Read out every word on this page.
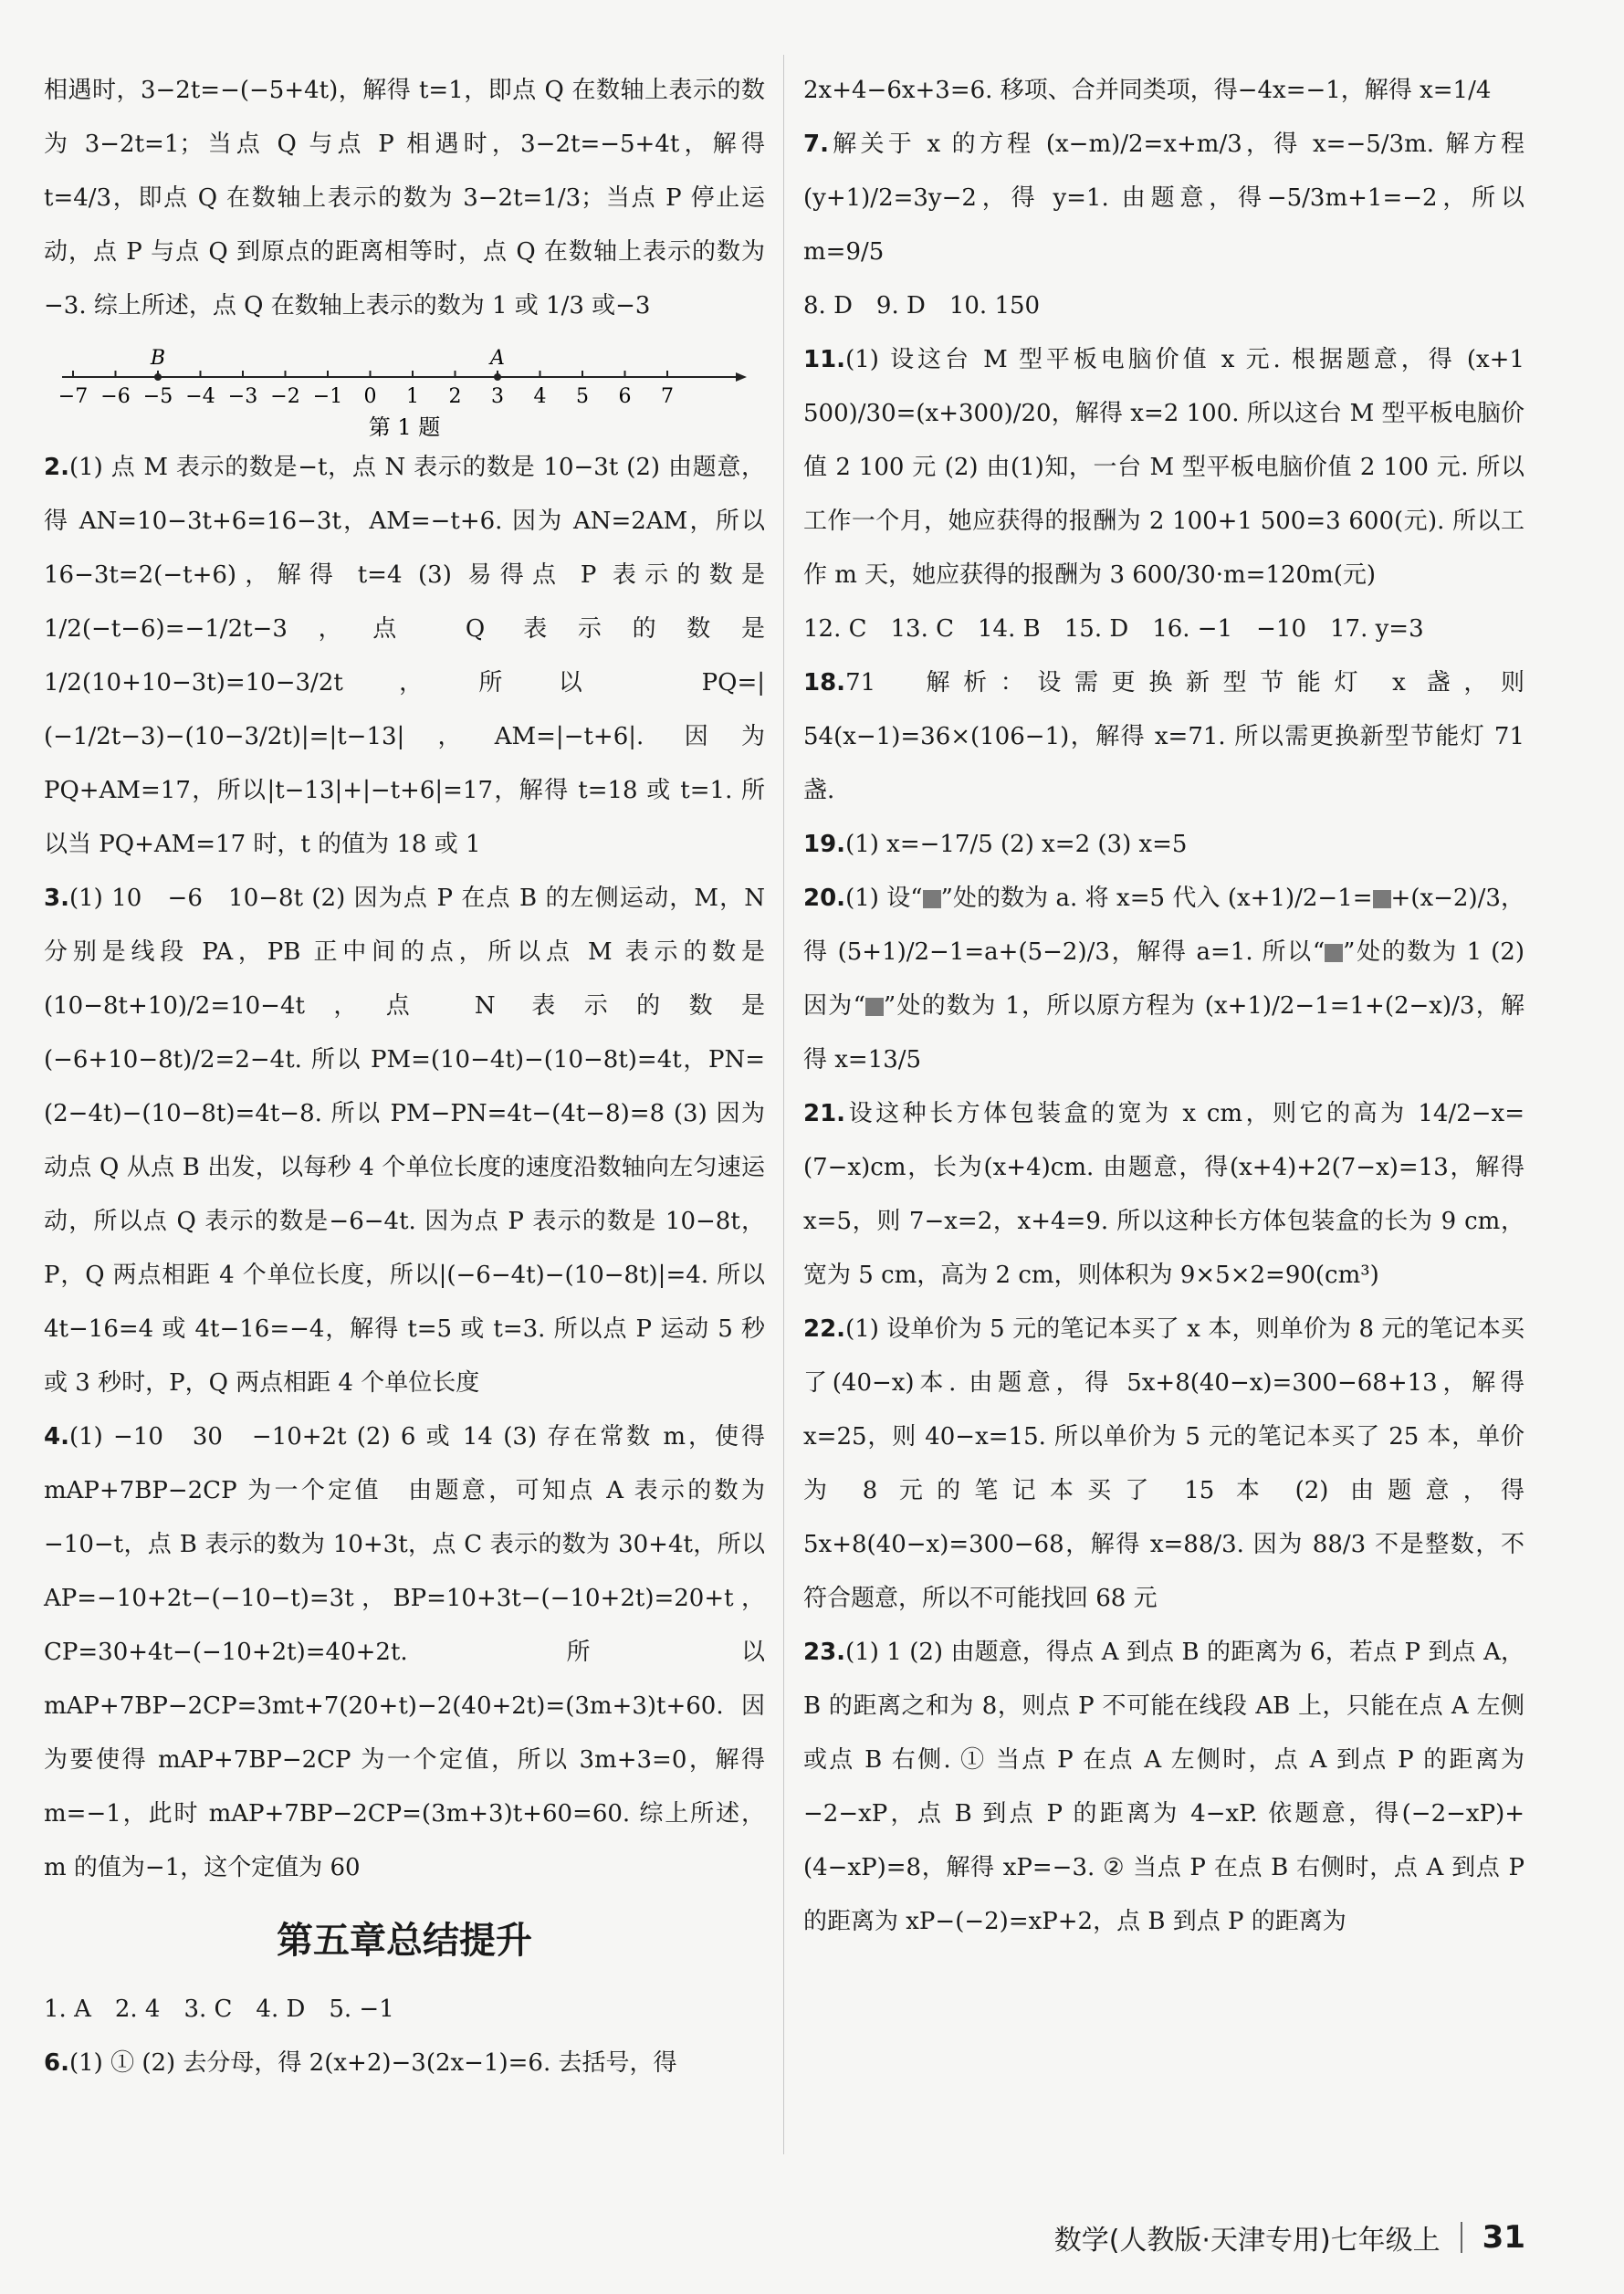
相遇时，3−2t=−(−5+4t)，解得 t=1，即点 Q 在数轴上表示的数为 3−2t=1；当点 Q 与点 P 相遇时，3−2t=−5+4t，解得 t=4/3，即点 Q 在数轴上表示的数为 3−2t=1/3；当点 P 停止运动，点 P 与点 Q 到原点的距离相等时，点 Q 在数轴上表示的数为−3. 综上所述，点 Q 在数轴上表示的数为 1 或 1/3 或−3

−7 −6 −5 −4 −3 −2 −1 0 1 2 3 4 5 6 7
B	A
第 1 题

2.(1) 点 M 表示的数是−t，点 N 表示的数是 10−3t (2) 由题意，得 AN=10−3t+6=16−3t，AM=−t+6. 因为 AN=2AM，所以 16−3t=2(−t+6)，解得 t=4 (3) 易得点 P 表示的数是 1/2(−t−6)=−1/2t−3，点 Q 表示的数是 1/2(10+10−3t)=10−3/2t，所以 PQ=|(−1/2t−3)−(10−3/2t)|=|t−13|，AM=|−t+6|. 因为 PQ+AM=17，所以|t−13|+|−t+6|=17，解得 t=18 或 t=1. 所以当 PQ+AM=17 时，t 的值为 18 或 1

3.(1) 10　−6　10−8t (2) 因为点 P 在点 B 的左侧运动，M，N 分别是线段 PA，PB 正中间的点，所以点 M 表示的数是 (10−8t+10)/2=10−4t，点 N 表示的数是 (−6+10−8t)/2=2−4t. 所以 PM=(10−4t)−(10−8t)=4t，PN=(2−4t)−(10−8t)=4t−8. 所以 PM−PN=4t−(4t−8)=8 (3) 因为动点 Q 从点 B 出发，以每秒 4 个单位长度的速度沿数轴向左匀速运动，所以点 Q 表示的数是−6−4t. 因为点 P 表示的数是 10−8t，P，Q 两点相距 4 个单位长度，所以|(−6−4t)−(10−8t)|=4. 所以 4t−16=4 或 4t−16=−4，解得 t=5 或 t=3. 所以点 P 运动 5 秒或 3 秒时，P，Q 两点相距 4 个单位长度

4.(1) −10　30　−10+2t (2) 6 或 14 (3) 存在常数 m，使得 mAP+7BP−2CP 为一个定值　由题意，可知点 A 表示的数为−10−t，点 B 表示的数为 10+3t，点 C 表示的数为 30+4t，所以 AP=−10+2t−(−10−t)=3t，BP=10+3t−(−10+2t)=20+t，CP=30+4t−(−10+2t)=40+2t. 所以 mAP+7BP−2CP=3mt+7(20+t)−2(40+2t)=(3m+3)t+60. 因为要使得 mAP+7BP−2CP 为一个定值，所以 3m+3=0，解得 m=−1，此时 mAP+7BP−2CP=(3m+3)t+60=60. 综上所述，m 的值为−1，这个定值为 60

第五章总结提升

1. A　2. 4　3. C　4. D　5. −1

6.(1) ① (2) 去分母，得 2(x+2)−3(2x−1)=6. 去括号，得

2x+4−6x+3=6. 移项、合并同类项，得−4x=−1，解得 x=1/4

7.解关于 x 的方程 (x−m)/2=x+m/3，得 x=−5/3m. 解方程 (y+1)/2=3y−2，得 y=1. 由题意，得−5/3m+1=−2，所以 m=9/5

8. D　9. D　10. 150

11.(1) 设这台 M 型平板电脑价值 x 元. 根据题意，得 (x+1 500)/30=(x+300)/20，解得 x=2 100. 所以这台 M 型平板电脑价值 2 100 元 (2) 由(1)知，一台 M 型平板电脑价值 2 100 元. 所以工作一个月，她应获得的报酬为 2 100+1 500=3 600(元). 所以工作 m 天，她应获得的报酬为 3 600/30·m=120m(元)

12. C　13. C　14. B　15. D　16. −1　−10　17. y=3

18.71　解析：设需更换新型节能灯 x 盏，则 54(x−1)=36×(106−1)，解得 x=71. 所以需更换新型节能灯 71 盏.

19.(1) x=−17/5 (2) x=2 (3) x=5

20.(1) 设“ ”处的数为 a. 将 x=5 代入 (x+1)/2−1= +(x−2)/3，得 (5+1)/2−1=a+(5−2)/3，解得 a=1. 所以“ ”处的数为 1 (2) 因为“ ”处的数为 1，所以原方程为 (x+1)/2−1=1+(2−x)/3，解得 x=13/5

21.设这种长方体包装盒的宽为 x cm，则它的高为 14/2−x=(7−x)cm，长为(x+4)cm. 由题意，得(x+4)+2(7−x)=13，解得 x=5，则 7−x=2，x+4=9. 所以这种长方体包装盒的长为 9 cm，宽为 5 cm，高为 2 cm，则体积为 9×5×2=90(cm³)

22.(1) 设单价为 5 元的笔记本买了 x 本，则单价为 8 元的笔记本买了(40−x)本. 由题意，得 5x+8(40−x)=300−68+13，解得 x=25，则 40−x=15. 所以单价为 5 元的笔记本买了 25 本，单价为 8 元的笔记本买了 15 本 (2) 由题意，得 5x+8(40−x)=300−68，解得 x=88/3. 因为 88/3 不是整数，不符合题意，所以不可能找回 68 元

23.(1) 1 (2) 由题意，得点 A 到点 B 的距离为 6，若点 P 到点 A，B 的距离之和为 8，则点 P 不可能在线段 AB 上，只能在点 A 左侧或点 B 右侧. ① 当点 P 在点 A 左侧时，点 A 到点 P 的距离为−2−xP，点 B 到点 P 的距离为 4−xP. 依题意，得(−2−xP)+(4−xP)=8，解得 xP=−3. ② 当点 P 在点 B 右侧时，点 A 到点 P 的距离为 xP−(−2)=xP+2，点 B 到点 P 的距离为

数学(人教版·天津专用)七年级上 31
